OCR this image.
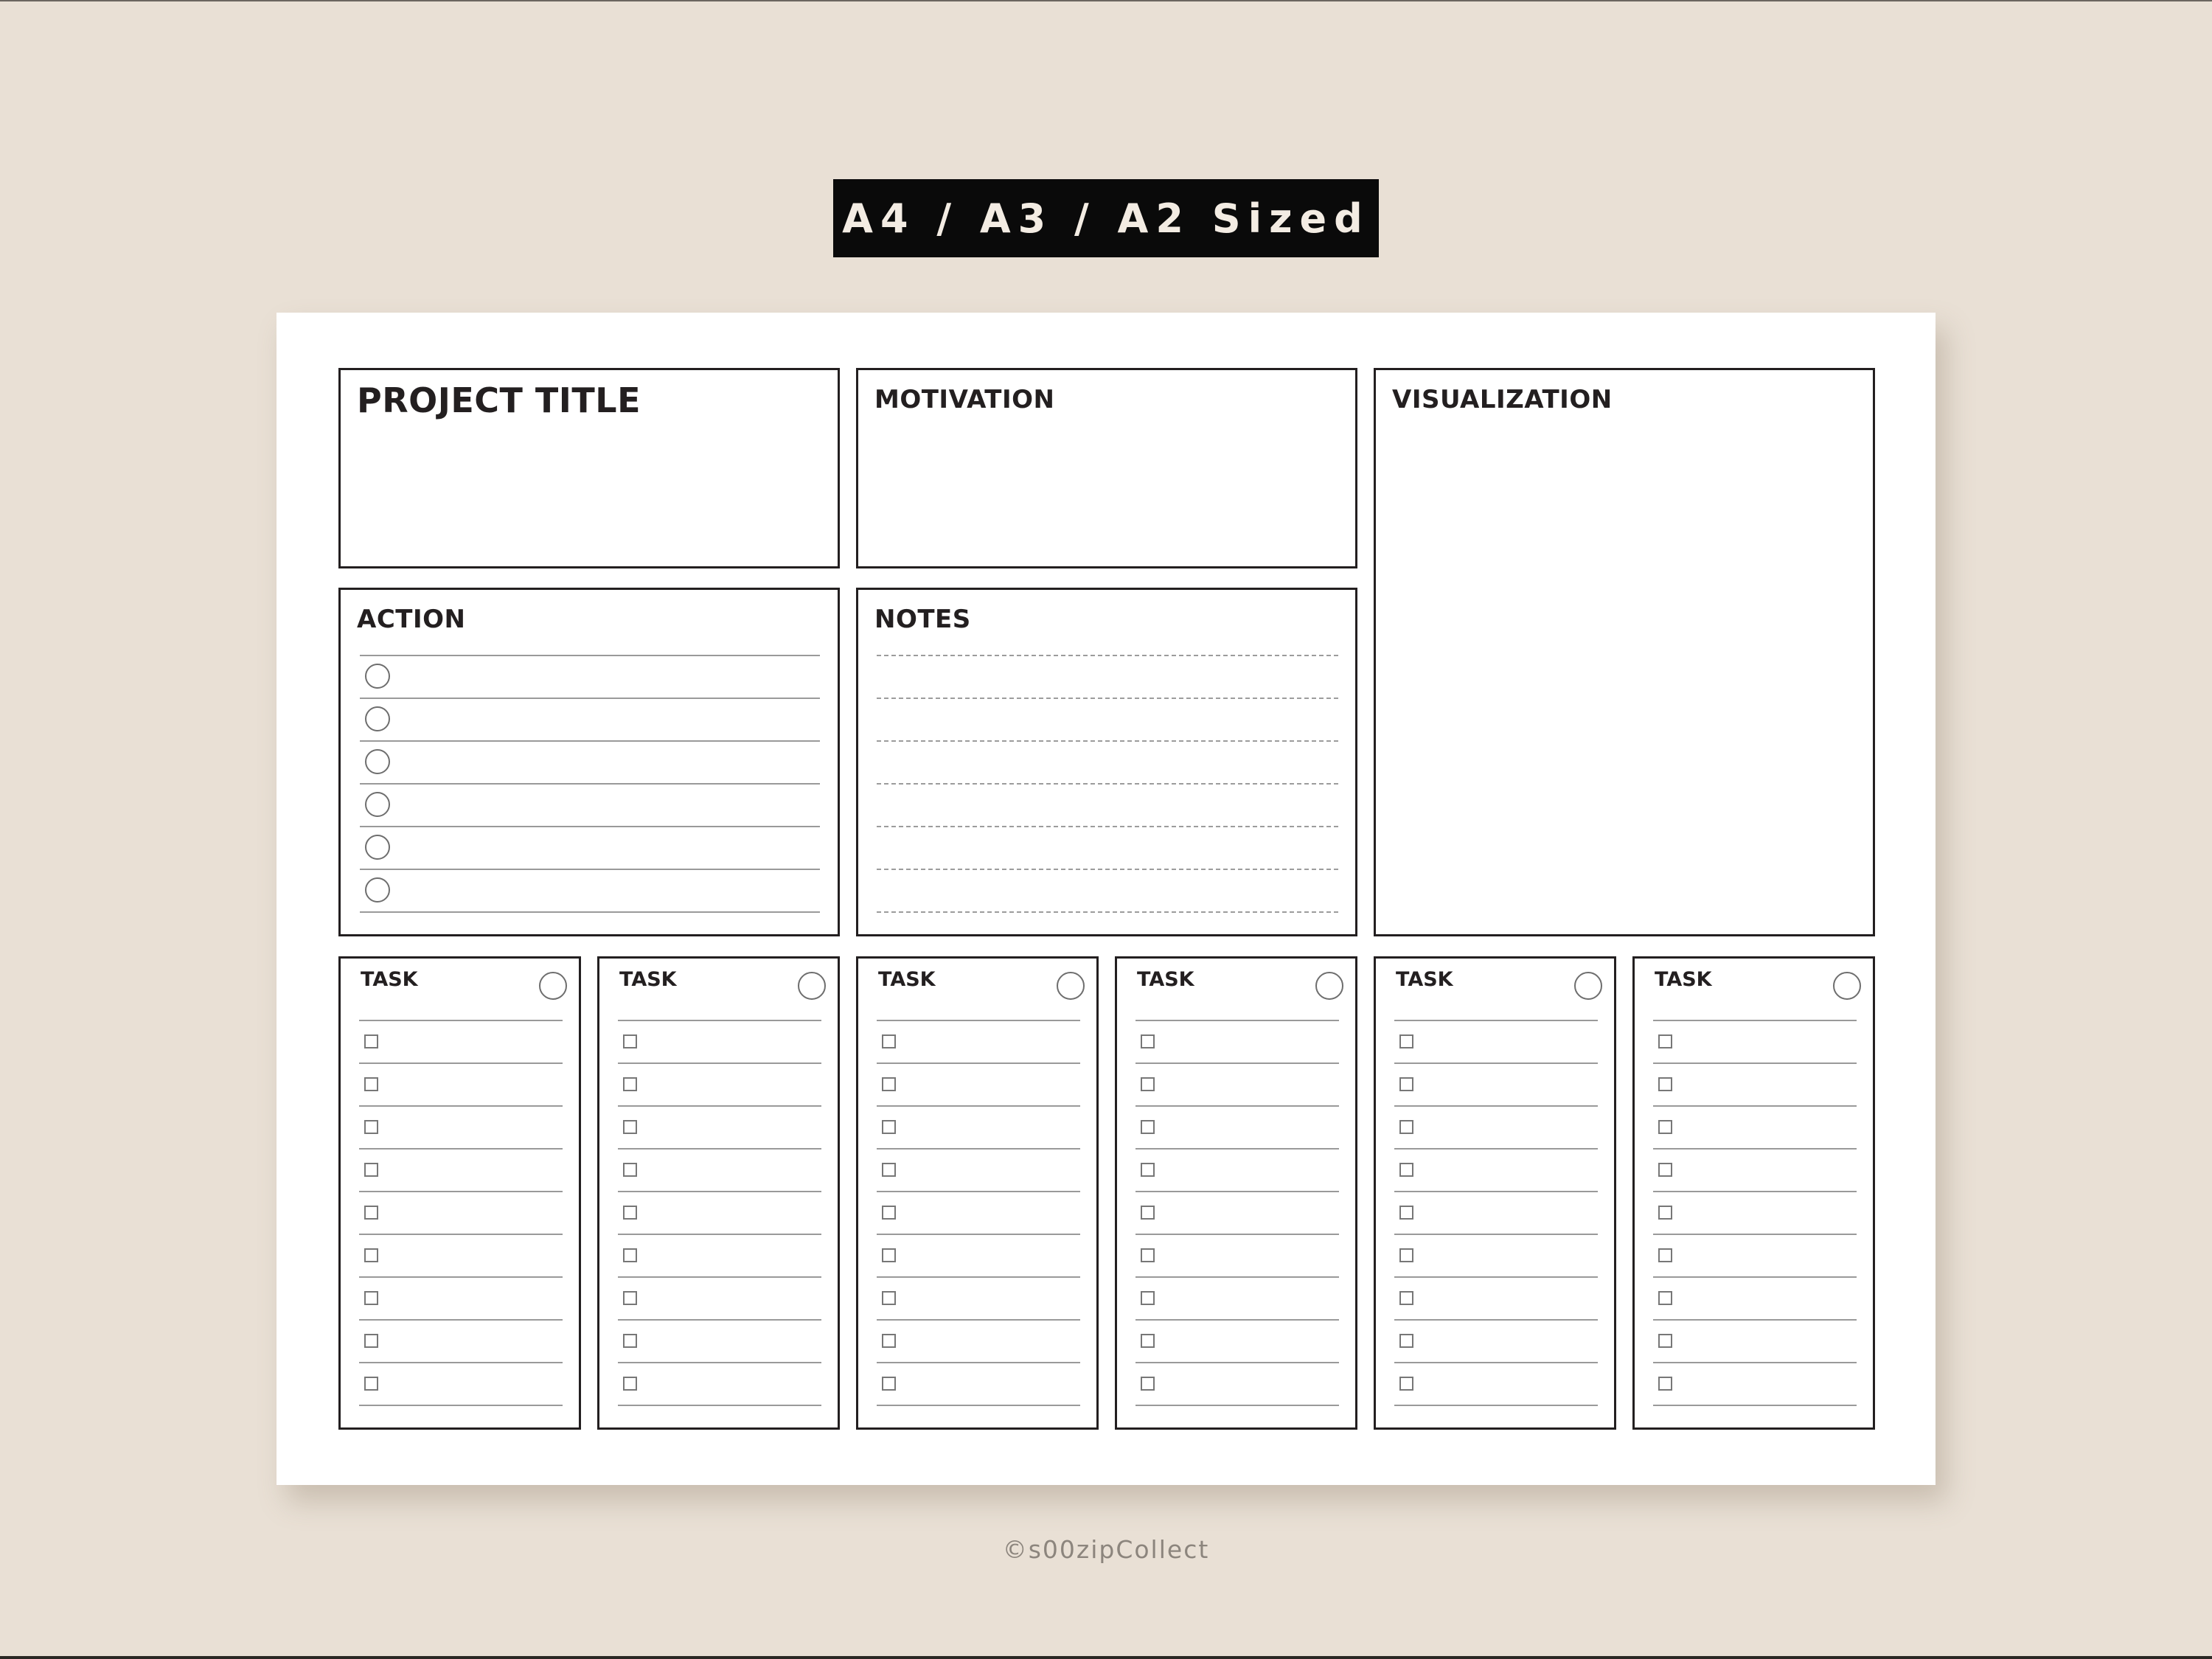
A4 / A3 / A2 Sized
PROJECT TITLE	MOTIVATION	VISUALIZATION
ACTION	NOTES
TASK	TASK	TASK	TASK	TASK	TASK
©s00zipCollect
